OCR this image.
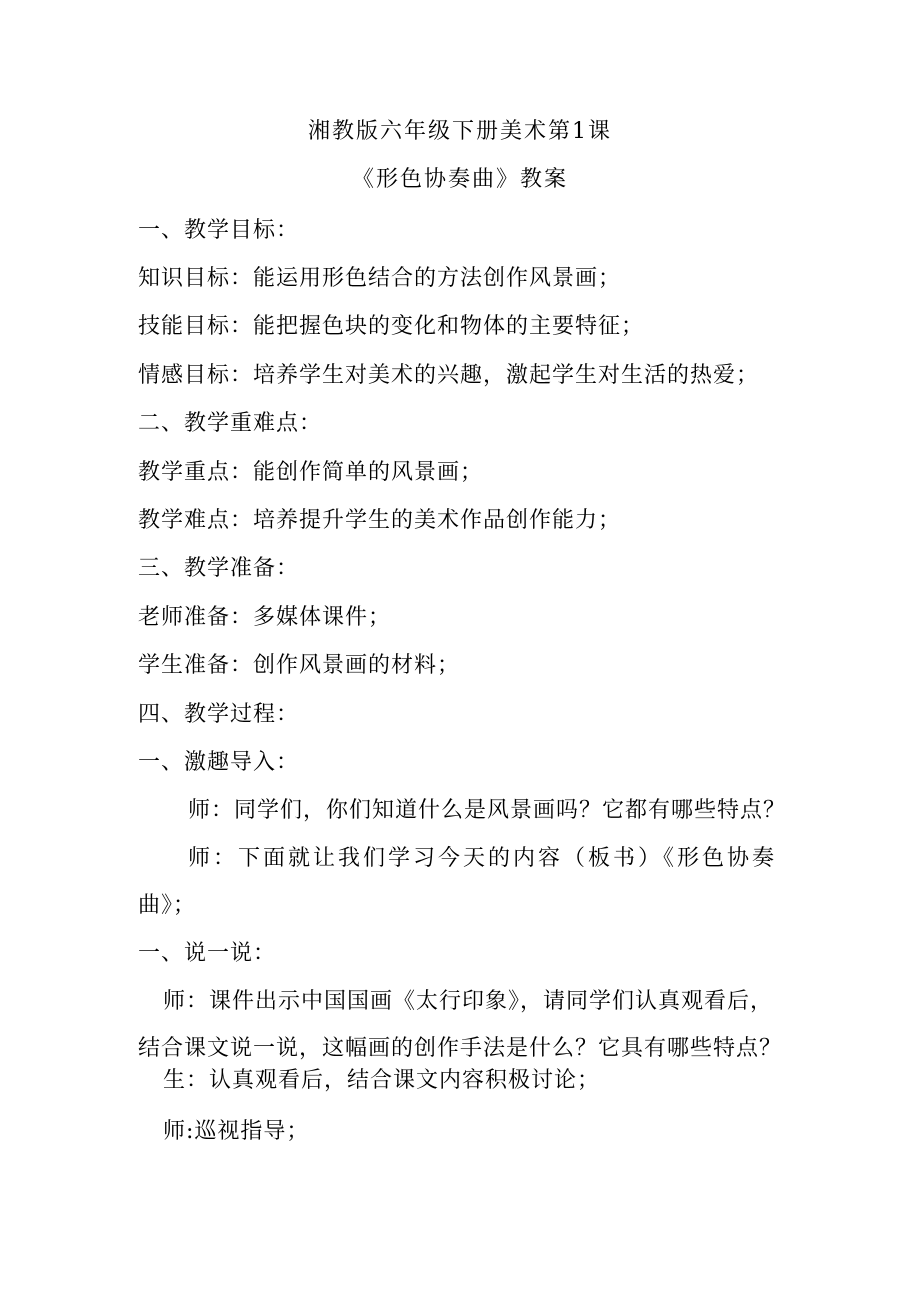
湘教版六年级下册美术第1课
《形色协奏曲》教案
一、教学目标：
知识目标：能运用形色结合的方法创作风景画；
技能目标：能把握色块的变化和物体的主要特征；
情感目标：培养学生对美术的兴趣，激起学生对生活的热爱；
二、教学重难点：
教学重点：能创作简单的风景画；
教学难点：培养提升学生的美术作品创作能力；
三、教学准备：
老师准备：多媒体课件；
学生准备：创作风景画的材料；
四、教学过程：
一、激趣导入：
师：同学们，你们知道什么是风景画吗？它都有哪些特点？
师：下面就让我们学习今天的内容（板书）《形色协奏
曲》；
一、说一说：
师：课件出示中国国画《太行印象》，请同学们认真观看后，
结合课文说一说，这幅画的创作手法是什么？它具有哪些特点？
生：认真观看后，结合课文内容积极讨论；
师:巡视指导；
